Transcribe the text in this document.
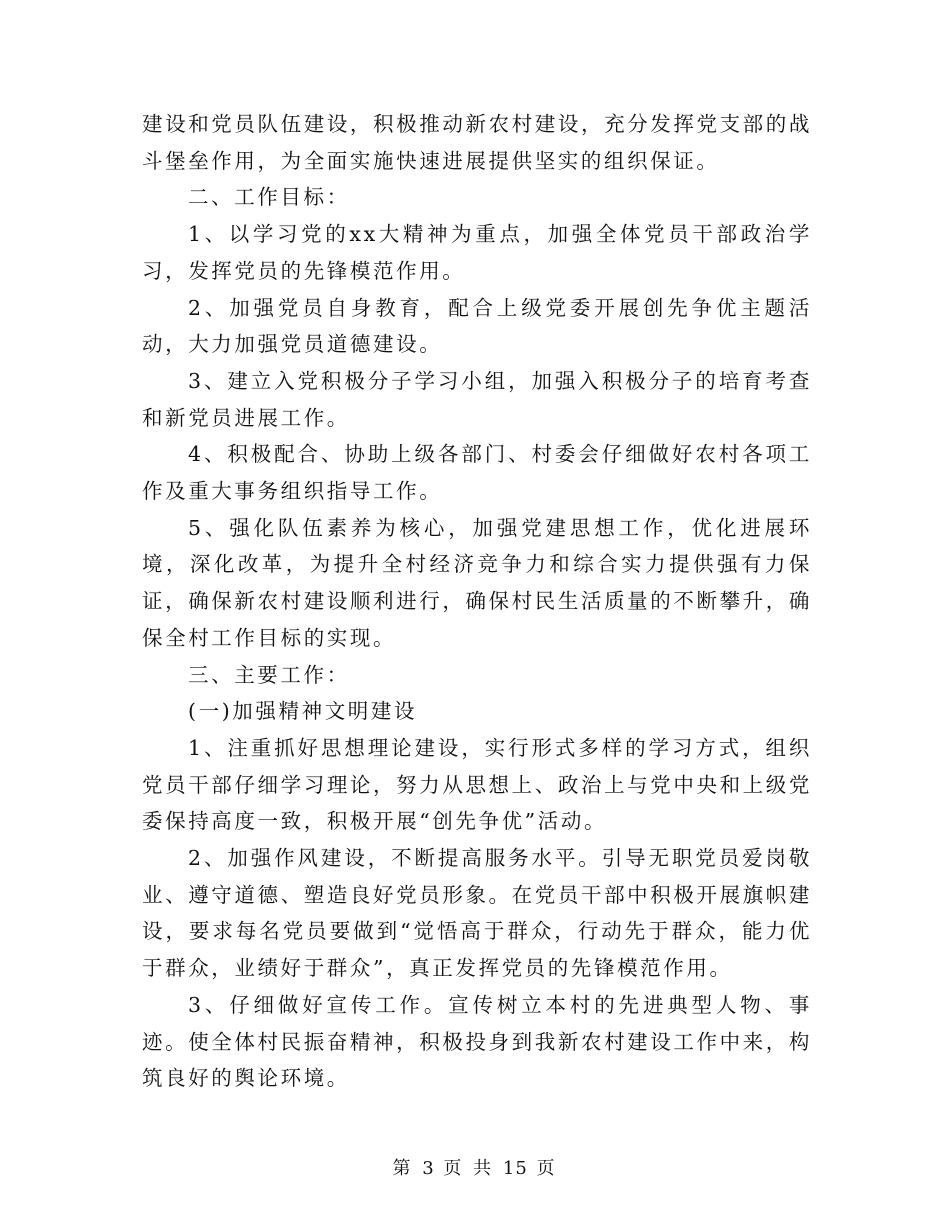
建设和党员队伍建设，积极推动新农村建设，充分发挥党支部的战斗堡垒作用，为全面实施快速进展提供坚实的组织保证。

二、工作目标：

1、以学习党的xx大精神为重点，加强全体党员干部政治学习，发挥党员的先锋模范作用。

2、加强党员自身教育，配合上级党委开展创先争优主题活动，大力加强党员道德建设。

3、建立入党积极分子学习小组，加强入积极分子的培育考查和新党员进展工作。

4、积极配合、协助上级各部门、村委会仔细做好农村各项工作及重大事务组织指导工作。

5、强化队伍素养为核心，加强党建思想工作，优化进展环境，深化改革，为提升全村经济竞争力和综合实力提供强有力保证，确保新农村建设顺利进行，确保村民生活质量的不断攀升，确保全村工作目标的实现。

三、主要工作：

(一)加强精神文明建设

1、注重抓好思想理论建设，实行形式多样的学习方式，组织党员干部仔细学习理论，努力从思想上、政治上与党中央和上级党委保持高度一致，积极开展“创先争优”活动。

2、加强作风建设，不断提高服务水平。引导无职党员爱岗敬业、遵守道德、塑造良好党员形象。在党员干部中积极开展旗帜建设，要求每名党员要做到“觉悟高于群众，行动先于群众，能力优于群众，业绩好于群众”，真正发挥党员的先锋模范作用。

3、仔细做好宣传工作。宣传树立本村的先进典型人物、事迹。使全体村民振奋精神，积极投身到我新农村建设工作中来，构筑良好的舆论环境。

第 3 页 共 15 页
